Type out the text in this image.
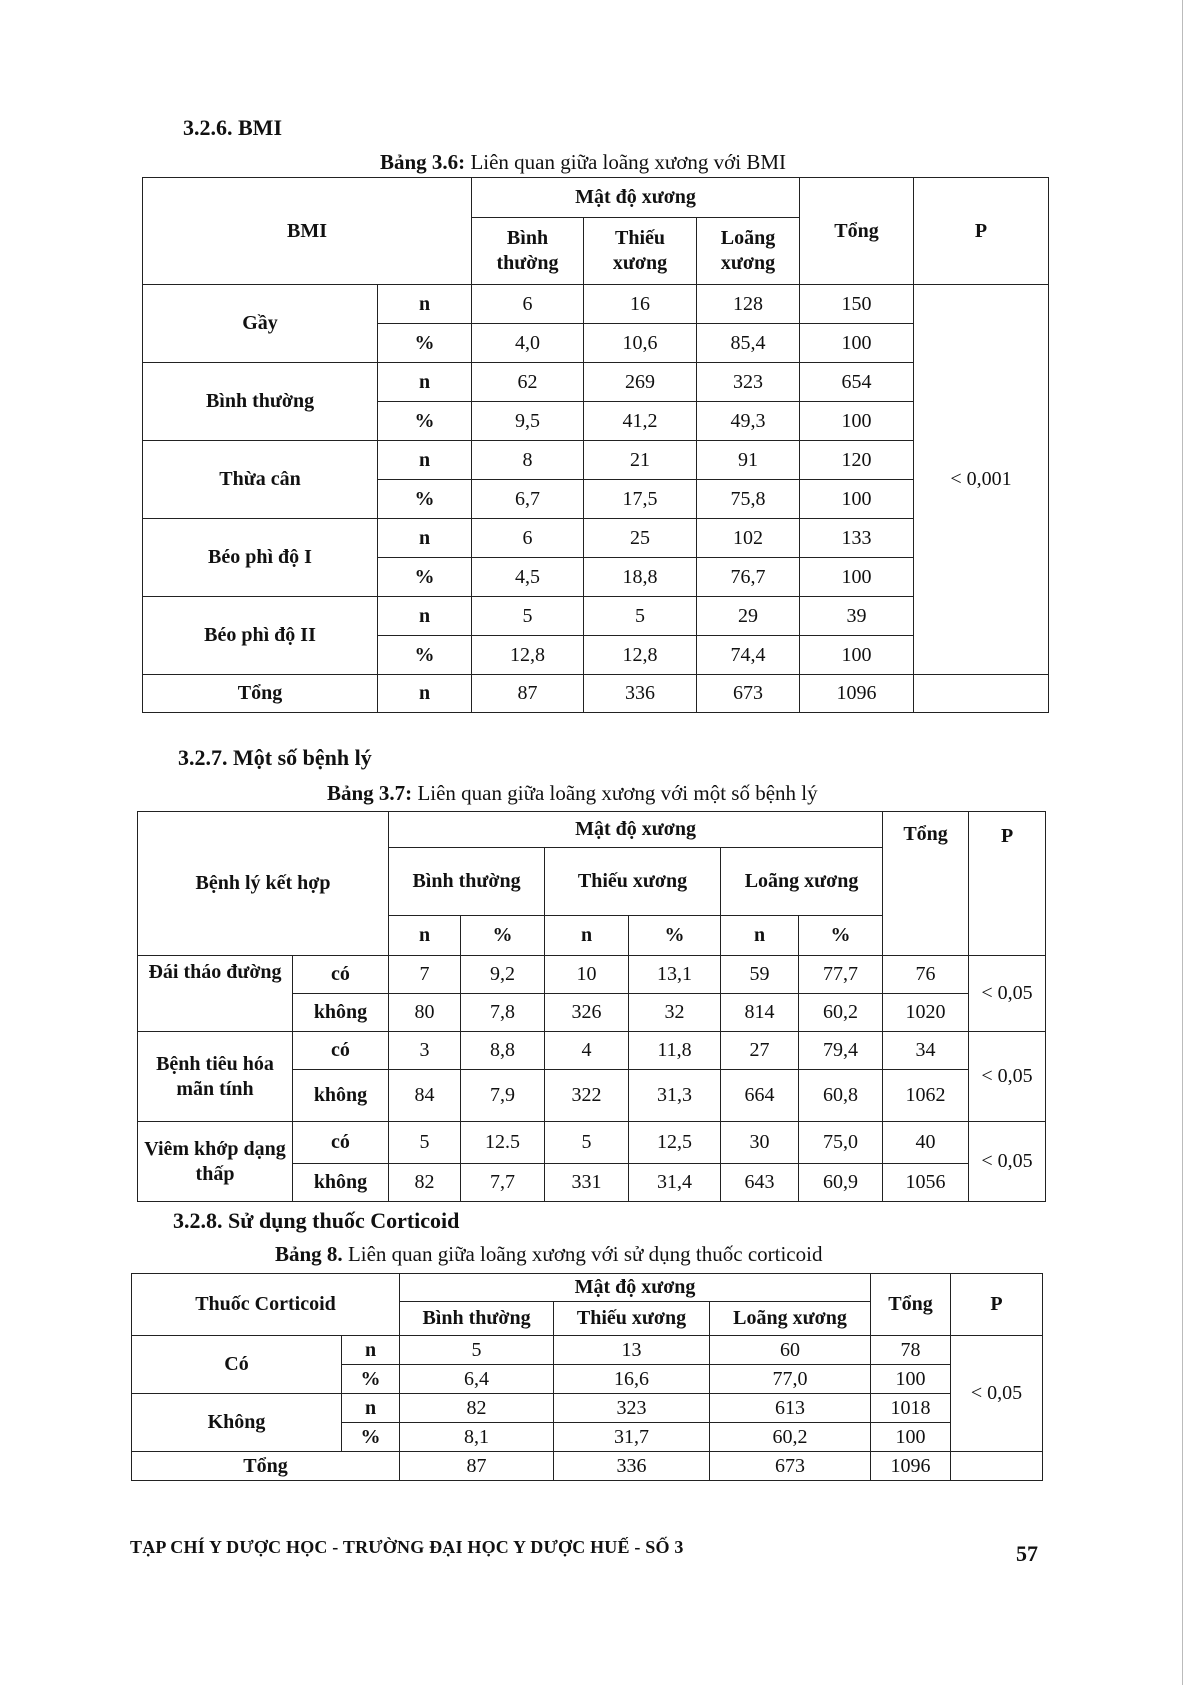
3.2.6. BMI
Bảng 3.6: Liên quan giữa loãng xương với BMI
BMI		Mật độ xương			Tổng	P
		Bình thường	Thiếu xương	Loãng xương		
Gầy	n	6	16	128	150	< 0,001
	%	4,0	10,6	85,4	100	
Bình thường	n	62	269	323	654	
	%	9,5	41,2	49,3	100	
Thừa cân	n	8	21	91	120	
	%	6,7	17,5	75,8	100	
Béo phì độ I	n	6	25	102	133	
	%	4,5	18,8	76,7	100	
Béo phì độ II	n	5	5	29	39	
	%	12,8	12,8	74,4	100	
Tổng	n	87	336	673	1096	
3.2.7. Một số bệnh lý
Bảng 3.7: Liên quan giữa loãng xương với một số bệnh lý
Bệnh lý kết hợp		Mật độ xương						Tổng	P
		Bình thường		Thiếu xương		Loãng xương			
		n	%	n	%	n	%		
Đái tháo đường	có	7	9,2	10	13,1	59	77,7	76	< 0,05
	không	80	7,8	326	32	814	60,2	1020	
Bệnh tiêu hóa mãn tính	có	3	8,8	4	11,8	27	79,4	34	< 0,05
	không	84	7,9	322	31,3	664	60,8	1062	
Viêm khớp dạng thấp	có	5	12.5	5	12,5	30	75,0	40	< 0,05
	không	82	7,7	331	31,4	643	60,9	1056	
3.2.8. Sử dụng thuốc Corticoid
Bảng 8. Liên quan giữa loãng xương với sử dụng thuốc corticoid
Thuốc Corticoid		Mật độ xương			Tổng	P
		Bình thường	Thiếu xương	Loãng xương		
Có	n	5	13	60	78	< 0,05
	%	6,4	16,6	77,0	100	
Không	n	82	323	613	1018	
	%	8,1	31,7	60,2	100	
Tổng		87	336	673	1096	
TẠP CHÍ Y DƯỢC HỌC - TRƯỜNG ĐẠI HỌC Y DƯỢC HUẾ - SỐ 3	57
